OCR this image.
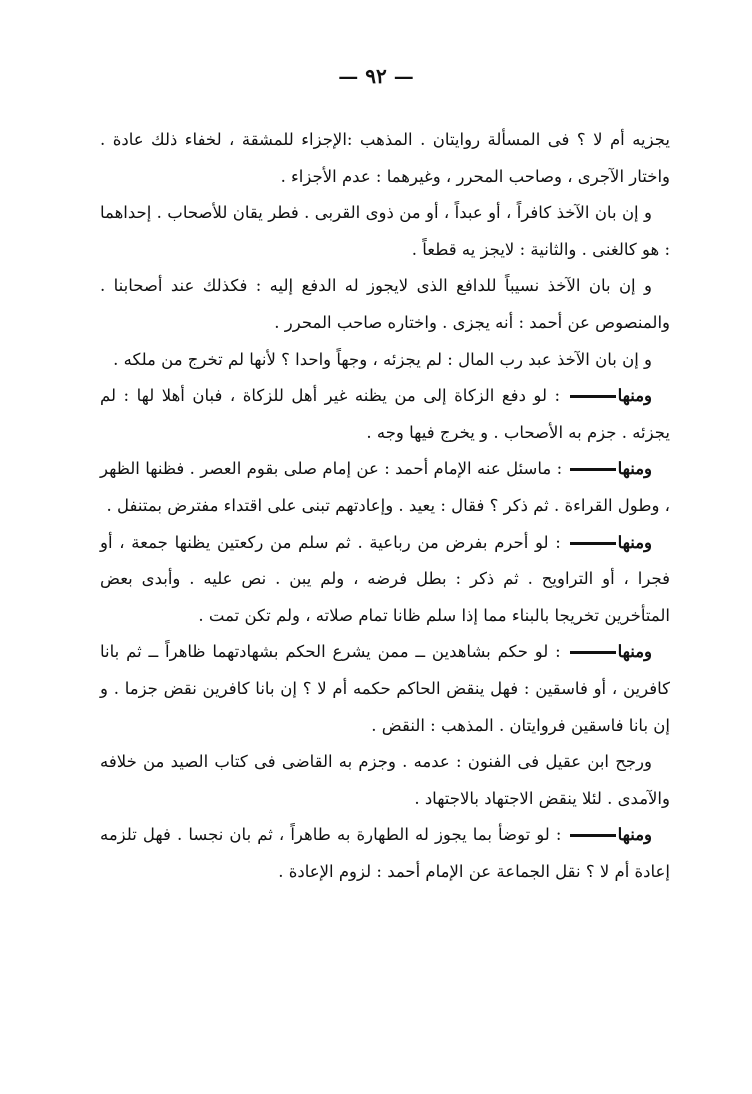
— ٩٢ —

يجزيه أم لا ؟ فى المسألة روايتان . المذهب :الإجزاء للمشقة ، لخفاء ذلك عادة . واختار الآجرى ، وصاحب المحرر ، وغيرهما : عدم الأجزاء .

و إن بان الآخذ كافراً ، أو عبداً ، أو من ذوى القربى . فطر يقان للأصحاب . إحداهما : هو كالغنى . والثانية : لايجز يه قطعاً .

و إن بان الآخذ نسيباً للدافع الذى لايجوز له الدفع إليه : فكذلك عند أصحابنا . والمنصوص عن أحمد : أنه يجزى . واختاره صاحب المحرر .

و إن بان الآخذ عبد رب المال : لم يجزئه ، وجهاً واحدا ؟ لأنها لم تخرج من ملكه .

ومنها : لو دفع الزكاة إلى من يظنه غير أهل للزكاة ، فبان أهلا لها : لم يجزئه . جزم به الأصحاب . و يخرج فيها وجه .

ومنها : ماسئل عنه الإمام أحمد : عن إمام صلى بقوم العصر . فظنها الظهر ، وطول القراءة . ثم ذكر ؟ فقال : يعيد . وإعادتهم تبنى على اقتداء مفترض بمتنفل .

ومنها : لو أحرم بفرض من رباعية . ثم سلم من ركعتين يظنها جمعة ، أو فجرا ، أو التراويح . ثم ذكر : بطل فرضه ، ولم يبن . نص عليه . وأبدى بعض المتأخرين تخريجا بالبناء مما إذا سلم ظانا تمام صلاته ، ولم تكن تمت .

ومنها : لو حكم بشاهدين ــ ممن يشرع الحكم بشهادتهما ظاهراً ــ ثم بانا كافرين ، أو فاسقين : فهل ينقض الحاكم حكمه أم لا ؟ إن بانا كافرين نقض جزما . و إن بانا فاسقين فروايتان . المذهب : النقض .

ورجح ابن عقيل فى الفنون : عدمه . وجزم به القاضى فى كتاب الصيد من خلافه والآمدى . لئلا ينقض الاجتهاد بالاجتهاد .

ومنها : لو توضأ بما يجوز له الطهارة به طاهراً ، ثم بان نجسا . فهل تلزمه إعادة أم لا ؟ نقل الجماعة عن الإمام أحمد : لزوم الإعادة .
